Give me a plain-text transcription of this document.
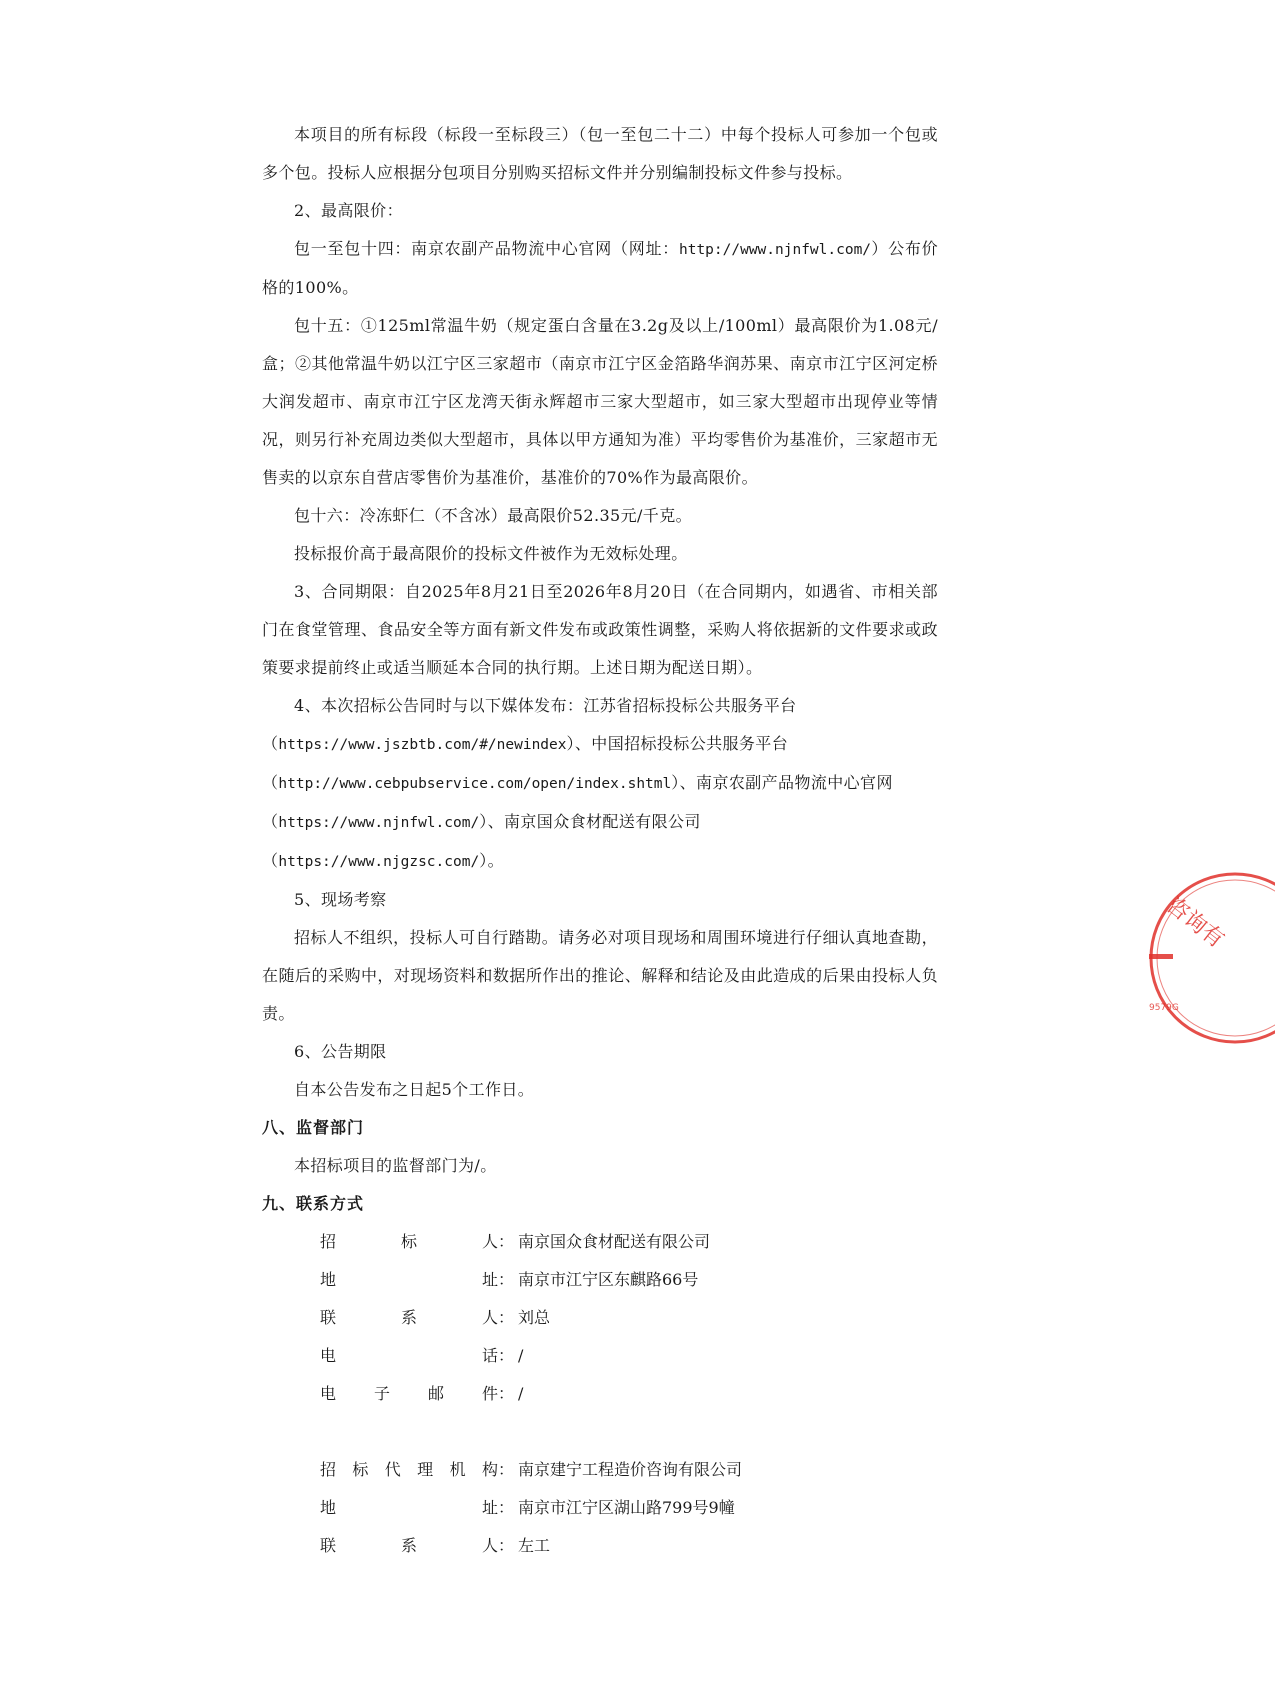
本项目的所有标段（标段一至标段三）（包一至包二十二）中每个投标人可参加一个包或多个包。投标人应根据分包项目分别购买招标文件并分别编制投标文件参与投标。

2、最高限价：

包一至包十四：南京农副产品物流中心官网（网址：http://www.njnfwl.com/）公布价格的100%。

包十五：①125ml常温牛奶（规定蛋白含量在3.2g及以上/100ml）最高限价为1.08元/盒；②其他常温牛奶以江宁区三家超市（南京市江宁区金箔路华润苏果、南京市江宁区河定桥大润发超市、南京市江宁区龙湾天街永辉超市三家大型超市，如三家大型超市出现停业等情况，则另行补充周边类似大型超市，具体以甲方通知为准）平均零售价为基准价，三家超市无售卖的以京东自营店零售价为基准价，基准价的70%作为最高限价。

包十六：冷冻虾仁（不含冰）最高限价52.35元/千克。

投标报价高于最高限价的投标文件被作为无效标处理。

3、合同期限：自2025年8月21日至2026年8月20日（在合同期内，如遇省、市相关部门在食堂管理、食品安全等方面有新文件发布或政策性调整，采购人将依据新的文件要求或政策要求提前终止或适当顺延本合同的执行期。上述日期为配送日期）。

4、本次招标公告同时与以下媒体发布：江苏省招标投标公共服务平台

（https://www.jszbtb.com/#/newindex）、中国招标投标公共服务平台

（http://www.cebpubservice.com/open/index.shtml）、南京农副产品物流中心官网

（https://www.njnfwl.com/）、南京国众食材配送有限公司

（https://www.njgzsc.com/）。

5、现场考察

招标人不组织，投标人可自行踏勘。请务必对项目现场和周围环境进行仔细认真地查勘，在随后的采购中，对现场资料和数据所作出的推论、解释和结论及由此造成的后果由投标人负责。

6、公告期限

自本公告发布之日起5个工作日。

八、监督部门

本招标项目的监督部门为/。

九、联系方式

招	标	人 ： 南京国众食材配送有限公司
地	址 ： 南京市江宁区东麒路66号
联	系	人 ： 刘总
电	话 ： /
电 子 邮 件 ： /
招 标 代 理 机 构 ： 南京建宁工程造价咨询有限公司
地	址 ： 南京市江宁区湖山路799号9幢
联	系	人 ： 左工
咨询有
9579G
